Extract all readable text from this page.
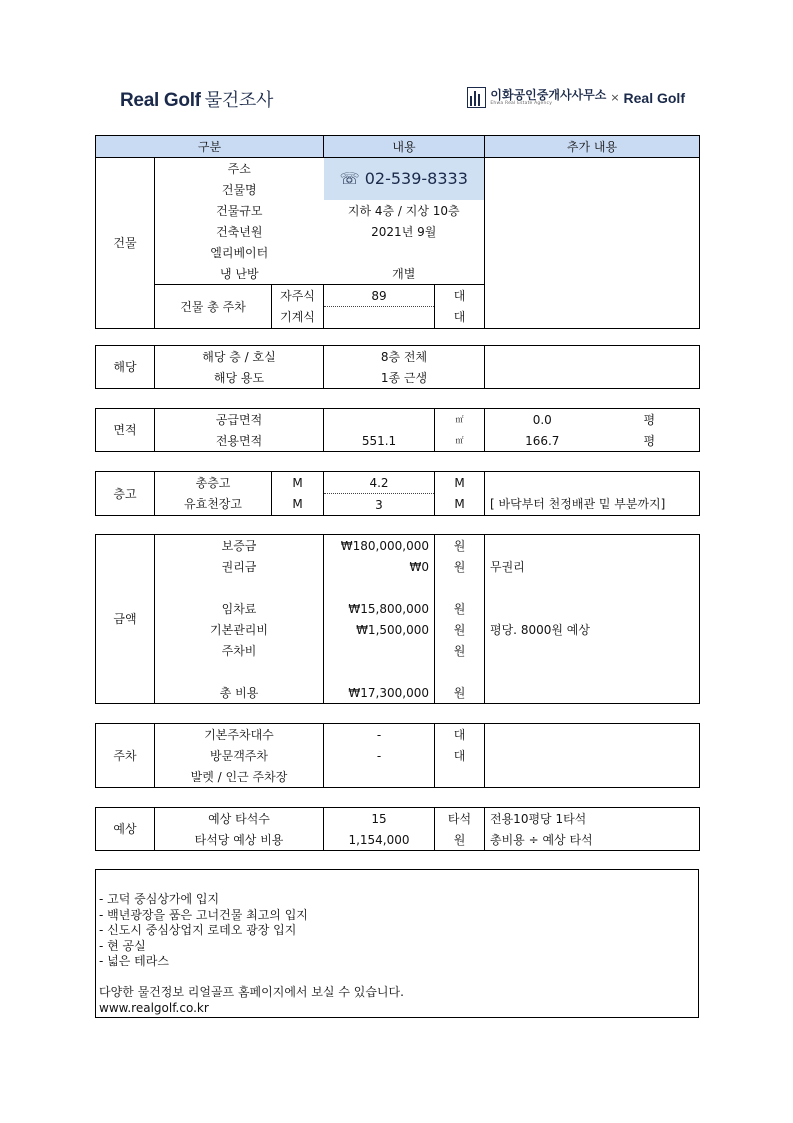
Real Golf 물건조사	이화공인중개사사무소
Ehwa Real Estate Agency	× Real Golf
구분			내용		추가 내용
건물	주소		☏ 02-539-8333		
	건물명				
	건물규모		지하 4층 / 지상 10층		
	건축년원		2021년 9월		
	엘리베이터				
	냉 난방		개별		
	건물 총 주차	자주식	89	대	
		기계식		대	
해당	해당 층 / 호실	8층 전체	
	해당 용도	1종 근생	
면적	공급면적		㎡	0.0	평
	전용면적	551.1	㎡	166.7	평
층고	총층고	M	4.2	M	
	유효천장고	M	3	M	[ 바닥부터 천정배관 밑 부분까지]
금액	보증금	₩180,000,000	원	
	권리금	₩0	원	무권리

	임차료	₩15,800,000	원	
	기본관리비	₩1,500,000	원	평당. 8000원 예상
	주차비		원	

	총 비용	₩17,300,000	원	
주차	기본주차대수	-	대	
	방문객주차	-	대	
	발렛 / 인근 주차장			
예상	예상 타석수	15	타석	전용10평당 1타석
	타석당 예상 비용	1,154,000	원	총비용 ÷ 예상 타석
- 고덕 중심상가에 입지
- 백년광장을 품은 고너건물 최고의 입지
- 신도시 중심상업지 로데오 광장 입지
- 현 공실
- 넓은 테라스
다양한 물건정보 리얼골프 홈페이지에서 보실 수 있습니다.
www.realgolf.co.kr
